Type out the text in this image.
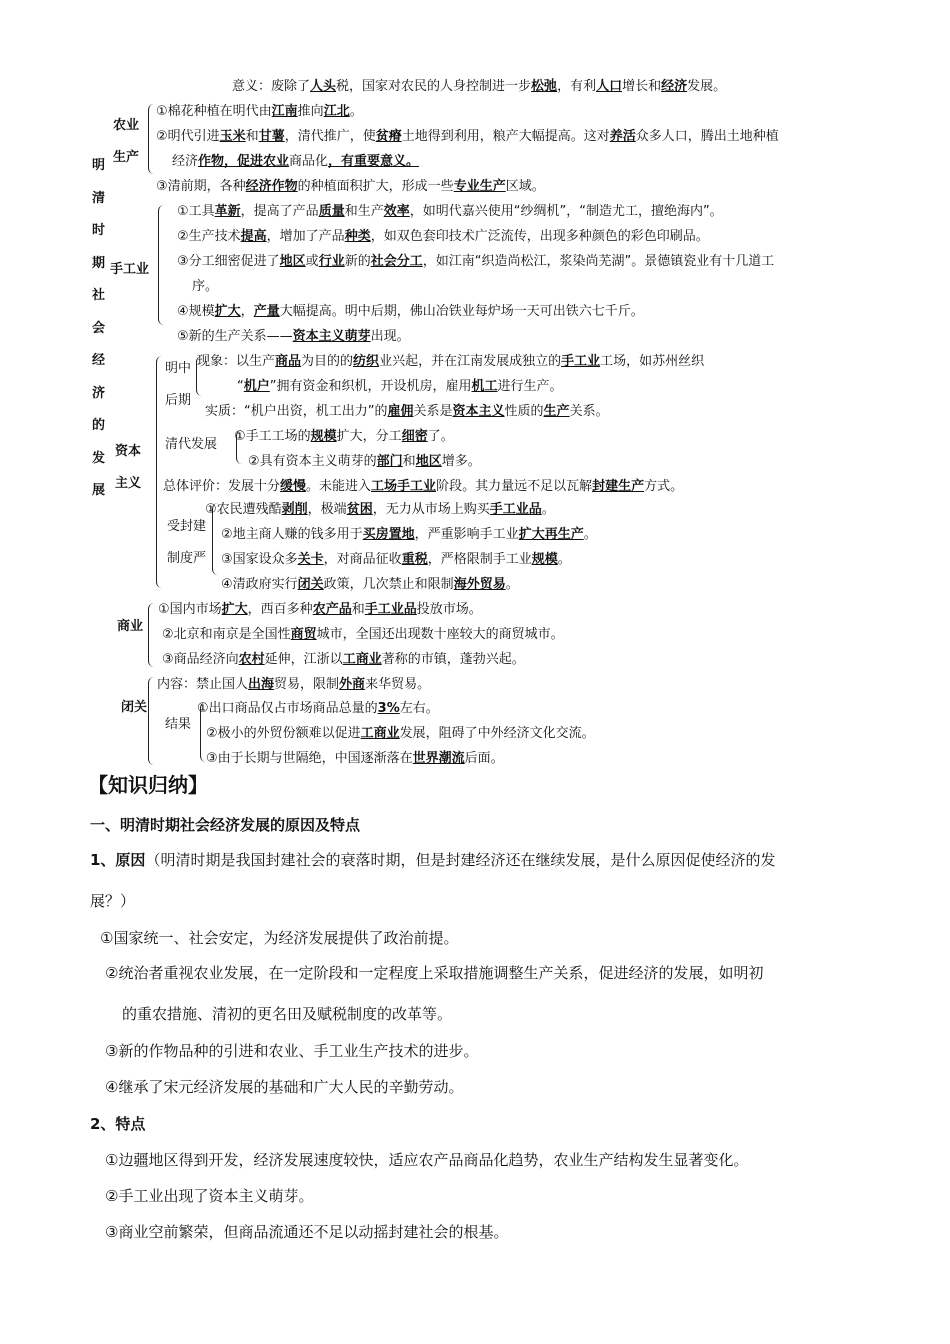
意义：废除了人头税，国家对农民的人身控制进一步松弛，有利人口增长和经济发展。
明
清
时
期
社
会
经
济
的
发
展
农业
生产
①棉花种植在明代由江南推向江北。
②明代引进玉米和甘薯，清代推广，使贫瘠土地得到利用，粮产大幅提高。这对养活众多人口，腾出土地种植
经济作物，促进农业商品化，有重要意义。
③清前期，各种经济作物的种植面积扩大，形成一些专业生产区域。
手工业
①工具革新，提高了产品质量和生产效率，如明代嘉兴使用“纱绸机”，“制造尤工，擅绝海内”。
②生产技术提高，增加了产品种类，如双色套印技术广泛流传，出现多种颜色的彩色印刷品。
③分工细密促进了地区或行业新的社会分工，如江南“织造尚松江，浆染尚芜湖”。景德镇瓷业有十几道工
序。
④规模扩大，产量大幅提高。明中后期，佛山冶铁业每炉场一天可出铁六七千斤。
⑤新的生产关系——资本主义萌芽出现。
资本
主义
明中
后期
现象：以生产商品为目的的纺织业兴起，并在江南发展成独立的手工业工场，如苏州丝织
“机户”拥有资金和织机，开设机房，雇用机工进行生产。
实质：“机户出资，机工出力”的雇佣关系是资本主义性质的生产关系。
清代发展
①手工工场的规模扩大，分工细密了。
②具有资本主义萌芽的部门和地区增多。
总体评价：发展十分缓慢。未能进入工场手工业阶段。其力量远不足以瓦解封建生产方式。
受封建
制度严
①农民遭残酷剥削，极端贫困，无力从市场上购买手工业品。
②地主商人赚的钱多用于买房置地，严重影响手工业扩大再生产。
③国家设众多关卡，对商品征收重税，严格限制手工业规模。
④清政府实行闭关政策，几次禁止和限制海外贸易。
商业
①国内市场扩大，西百多种农产品和手工业品投放市场。
②北京和南京是全国性商贸城市，全国还出现数十座较大的商贸城市。
③商品经济向农村延伸，江浙以工商业著称的市镇，蓬勃兴起。
闭关
内容：禁止国人出海贸易，限制外商来华贸易。
结果
①出口商品仅占市场商品总量的3%左右。
②极小的外贸份额难以促进工商业发展，阻碍了中外经济文化交流。
③由于长期与世隔绝，中国逐渐落在世界潮流后面。
【知识归纳】
一、明清时期社会经济发展的原因及特点
1、原因（明清时期是我国封建社会的衰落时期，但是封建经济还在继续发展，是什么原因促使经济的发
展？）
①国家统一、社会安定，为经济发展提供了政治前提。
②统治者重视农业发展，在一定阶段和一定程度上采取措施调整生产关系，促进经济的发展，如明初
的重农措施、清初的更名田及赋税制度的改革等。
③新的作物品种的引进和农业、手工业生产技术的进步。
④继承了宋元经济发展的基础和广大人民的辛勤劳动。
2、特点
①边疆地区得到开发，经济发展速度较快，适应农产品商品化趋势，农业生产结构发生显著变化。
②手工业出现了资本主义萌芽。
③商业空前繁荣，但商品流通还不足以动摇封建社会的根基。
